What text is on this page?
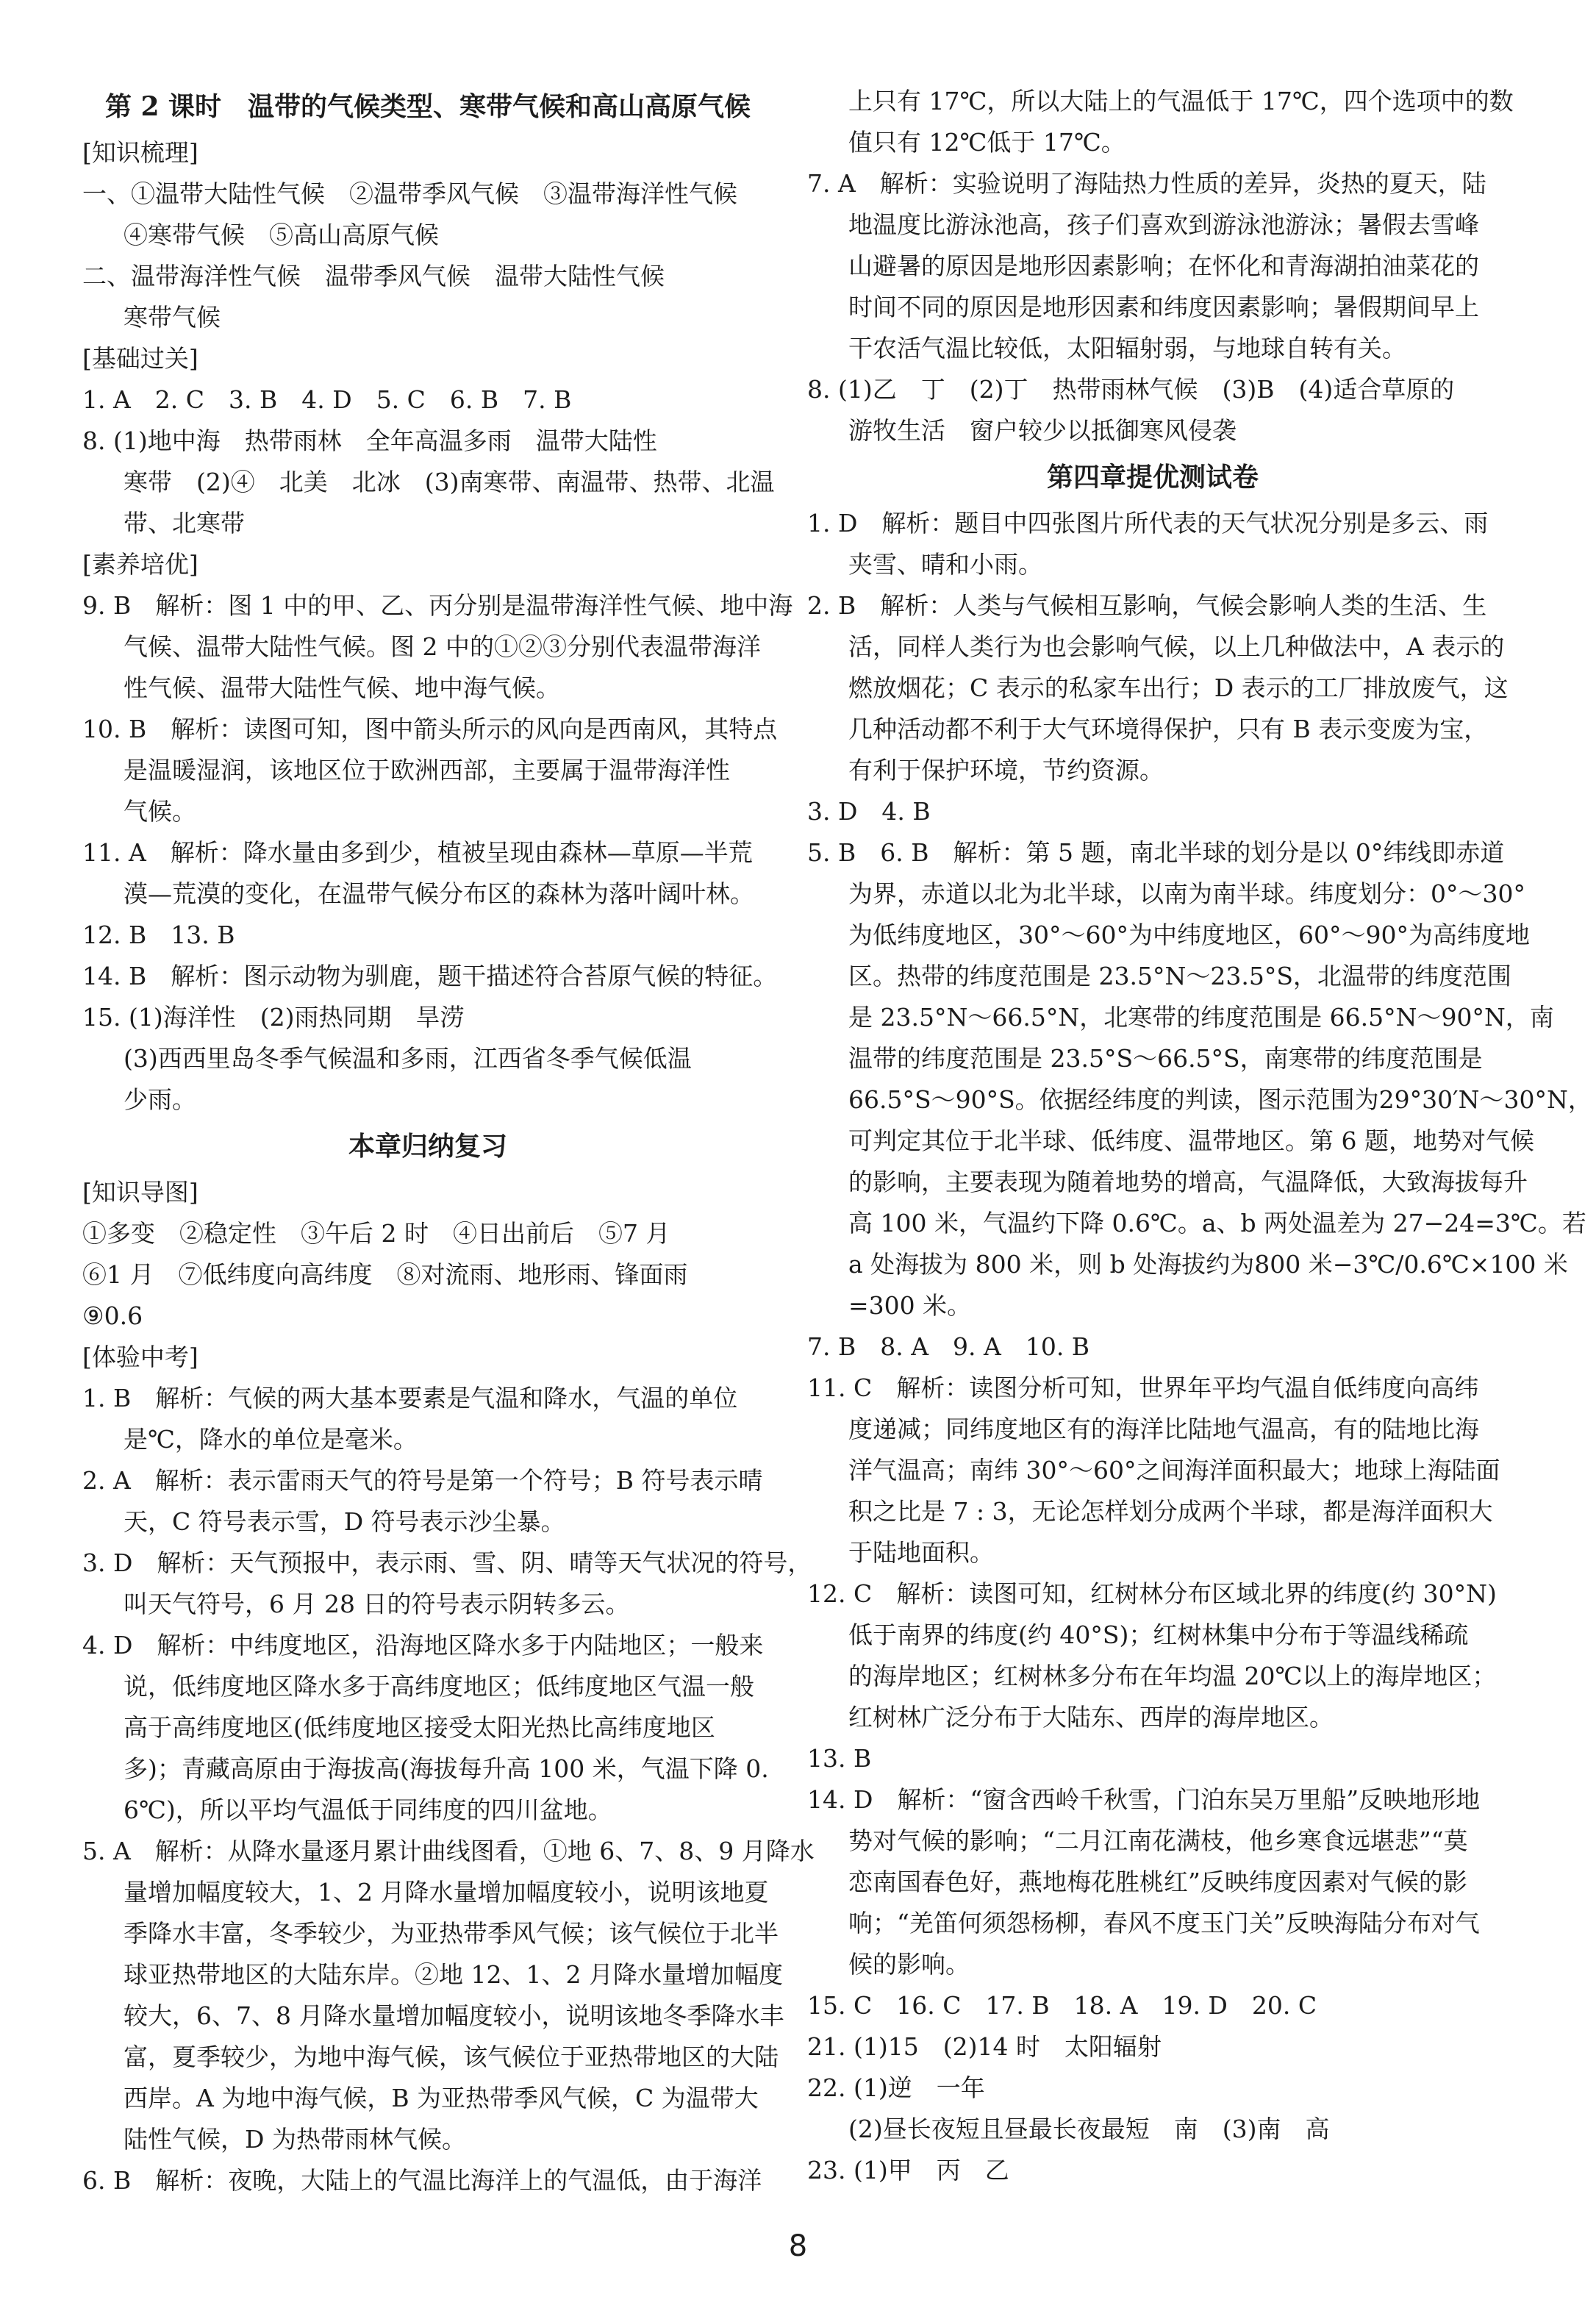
第 2 课时　温带的气候类型、寒带气候和高山高原气候
[知识梳理]
一、①温带大陆性气候　②温带季风气候　③温带海洋性气候
④寒带气候　⑤高山高原气候
二、温带海洋性气候　温带季风气候　温带大陆性气候
寒带气候
[基础过关]
1. A　2. C　3. B　4. D　5. C　6. B　7. B
8. (1)地中海　热带雨林　全年高温多雨　温带大陆性
寒带　(2)④　北美　北冰　(3)南寒带、南温带、热带、北温
带、北寒带
[素养培优]
9. B　解析：图 1 中的甲、乙、丙分别是温带海洋性气候、地中海
气候、温带大陆性气候。图 2 中的①②③分别代表温带海洋
性气候、温带大陆性气候、地中海气候。
10. B　解析：读图可知，图中箭头所示的风向是西南风，其特点
是温暖湿润，该地区位于欧洲西部，主要属于温带海洋性
气候。
11. A　解析：降水量由多到少，植被呈现由森林—草原—半荒
漠—荒漠的变化，在温带气候分布区的森林为落叶阔叶林。
12. B　13. B
14. B　解析：图示动物为驯鹿，题干描述符合苔原气候的特征。
15. (1)海洋性　(2)雨热同期　旱涝
(3)西西里岛冬季气候温和多雨，江西省冬季气候低温
少雨。
本章归纳复习
[知识导图]
①多变　②稳定性　③午后 2 时　④日出前后　⑤7 月
⑥1 月　⑦低纬度向高纬度　⑧对流雨、地形雨、锋面雨
⑨0.6
[体验中考]
1. B　解析：气候的两大基本要素是气温和降水，气温的单位
是℃，降水的单位是毫米。
2. A　解析：表示雷雨天气的符号是第一个符号；B 符号表示晴
天，C 符号表示雪，D 符号表示沙尘暴。
3. D　解析：天气预报中，表示雨、雪、阴、晴等天气状况的符号，
叫天气符号，6 月 28 日的符号表示阴转多云。
4. D　解析：中纬度地区，沿海地区降水多于内陆地区；一般来
说，低纬度地区降水多于高纬度地区；低纬度地区气温一般
高于高纬度地区(低纬度地区接受太阳光热比高纬度地区
多)；青藏高原由于海拔高(海拔每升高 100 米，气温下降 0.
6℃)，所以平均气温低于同纬度的四川盆地。
5. A　解析：从降水量逐月累计曲线图看，①地 6、7、8、9 月降水
量增加幅度较大，1、2 月降水量增加幅度较小，说明该地夏
季降水丰富，冬季较少，为亚热带季风气候；该气候位于北半
球亚热带地区的大陆东岸。②地 12、1、2 月降水量增加幅度
较大，6、7、8 月降水量增加幅度较小，说明该地冬季降水丰
富，夏季较少，为地中海气候，该气候位于亚热带地区的大陆
西岸。A 为地中海气候，B 为亚热带季风气候，C 为温带大
陆性气候，D 为热带雨林气候。
6. B　解析：夜晚，大陆上的气温比海洋上的气温低，由于海洋
上只有 17℃，所以大陆上的气温低于 17℃，四个选项中的数
值只有 12℃低于 17℃。
7. A　解析：实验说明了海陆热力性质的差异，炎热的夏天，陆
地温度比游泳池高，孩子们喜欢到游泳池游泳；暑假去雪峰
山避暑的原因是地形因素影响；在怀化和青海湖拍油菜花的
时间不同的原因是地形因素和纬度因素影响；暑假期间早上
干农活气温比较低，太阳辐射弱，与地球自转有关。
8. (1)乙　丁　(2)丁　热带雨林气候　(3)B　(4)适合草原的
游牧生活　窗户较少以抵御寒风侵袭
第四章提优测试卷
1. D　解析：题目中四张图片所代表的天气状况分别是多云、雨
夹雪、晴和小雨。
2. B　解析：人类与气候相互影响，气候会影响人类的生活、生
活，同样人类行为也会影响气候，以上几种做法中，A 表示的
燃放烟花；C 表示的私家车出行；D 表示的工厂排放废气，这
几种活动都不利于大气环境得保护，只有 B 表示变废为宝，
有利于保护环境，节约资源。
3. D　4. B
5. B　6. B　解析：第 5 题，南北半球的划分是以 0°纬线即赤道
为界，赤道以北为北半球，以南为南半球。纬度划分：0°～30°
为低纬度地区，30°～60°为中纬度地区，60°～90°为高纬度地
区。热带的纬度范围是 23.5°N～23.5°S，北温带的纬度范围
是 23.5°N～66.5°N，北寒带的纬度范围是 66.5°N～90°N，南
温带的纬度范围是 23.5°S～66.5°S，南寒带的纬度范围是
66.5°S～90°S。依据经纬度的判读，图示范围为29°30′N～30°N，
可判定其位于北半球、低纬度、温带地区。第 6 题，地势对气候
的影响，主要表现为随着地势的增高，气温降低，大致海拔每升
高 100 米，气温约下降 0.6℃。a、b 两处温差为 27−24=3℃。若
a 处海拔为 800 米，则 b 处海拔约为800 米−3℃/0.6℃×100 米
=300 米。
7. B　8. A　9. A　10. B
11. C　解析：读图分析可知，世界年平均气温自低纬度向高纬
度递减；同纬度地区有的海洋比陆地气温高，有的陆地比海
洋气温高；南纬 30°～60°之间海洋面积最大；地球上海陆面
积之比是 7 : 3，无论怎样划分成两个半球，都是海洋面积大
于陆地面积。
12. C　解析：读图可知，红树林分布区域北界的纬度(约 30°N)
低于南界的纬度(约 40°S)；红树林集中分布于等温线稀疏
的海岸地区；红树林多分布在年均温 20℃以上的海岸地区；
红树林广泛分布于大陆东、西岸的海岸地区。
13. B
14. D　解析：“窗含西岭千秋雪，门泊东吴万里船”反映地形地
势对气候的影响；“二月江南花满枝，他乡寒食远堪悲”“莫
恋南国春色好，燕地梅花胜桃红”反映纬度因素对气候的影
响；“羌笛何须怨杨柳，春风不度玉门关”反映海陆分布对气
候的影响。
15. C　16. C　17. B　18. A　19. D　20. C
21. (1)15　(2)14 时　太阳辐射
22. (1)逆　一年
(2)昼长夜短且昼最长夜最短　南　(3)南　高
23. (1)甲　丙　乙
8
